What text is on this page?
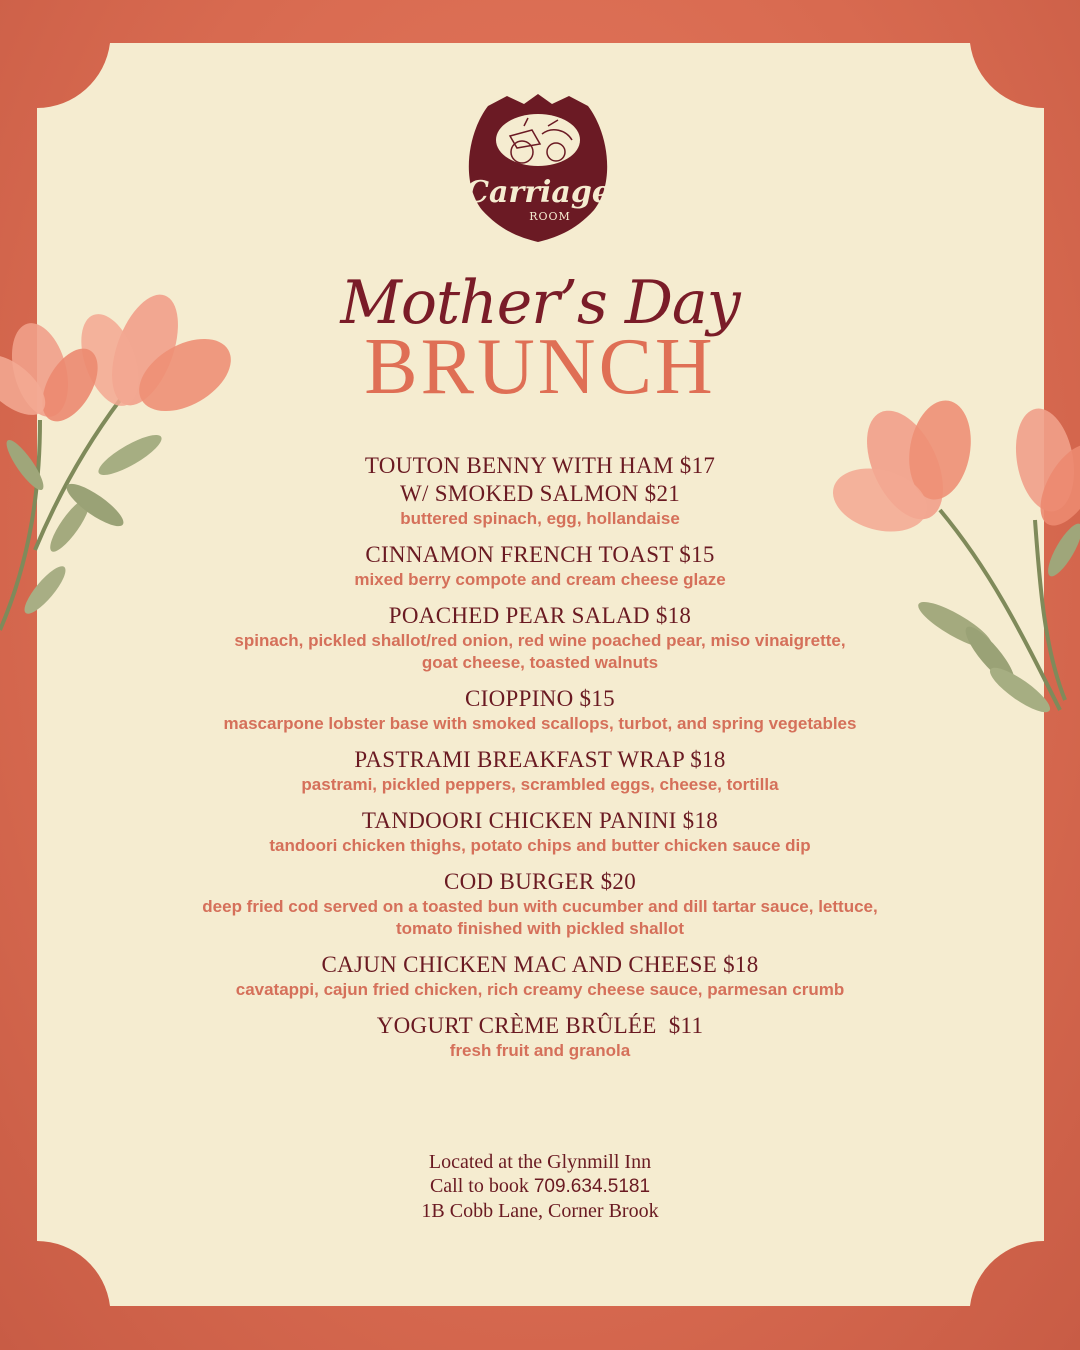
Carriage
ROOM
Mother’s Day
BRUNCH
TOUTON BENNY WITH HAM $17
W/ SMOKED SALMON $21
buttered spinach, egg, hollandaise
CINNAMON FRENCH TOAST $15
mixed berry compote and cream cheese glaze
POACHED PEAR SALAD $18
spinach, pickled shallot/red onion, red wine poached pear, miso vinaigrette,
goat cheese, toasted walnuts
CIOPPINO $15
mascarpone lobster base with smoked scallops, turbot, and spring vegetables
PASTRAMI BREAKFAST WRAP $18
pastrami, pickled peppers, scrambled eggs, cheese, tortilla
TANDOORI CHICKEN PANINI $18
tandoori chicken thighs, potato chips and butter chicken sauce dip
COD BURGER $20
deep fried cod served on a toasted bun with cucumber and dill tartar sauce, lettuce,
tomato finished with pickled shallot
CAJUN CHICKEN MAC AND CHEESE $18
cavatappi, cajun fried chicken, rich creamy cheese sauce, parmesan crumb
YOGURT CRÈME BRÛLÉE  $11
fresh fruit and granola
Located at the Glynmill Inn
Call to book 709.634.5181
1B Cobb Lane, Corner Brook
